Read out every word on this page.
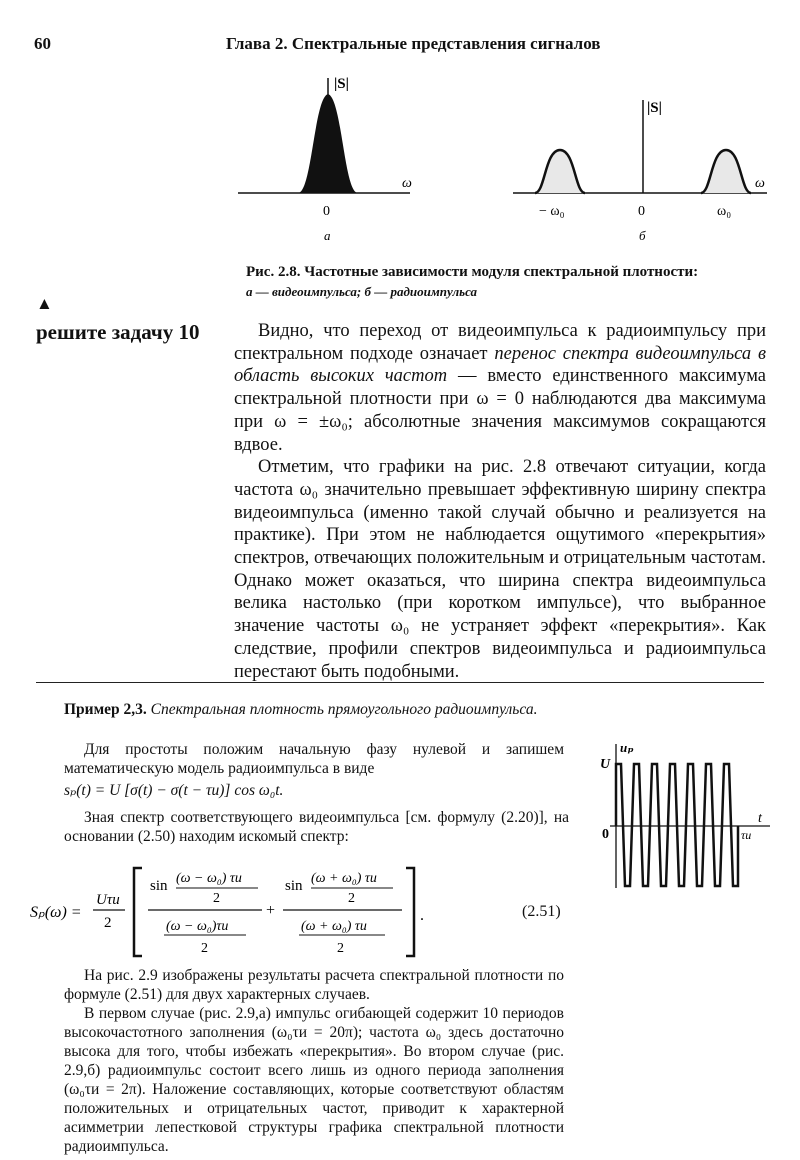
60	Глава 2. Спектральные представления сигналов
|S|
ω
0
а
|S|
ω
− ω₀	0	ω₀
б
Рис. 2.8. Частотные зависимости модуля спектральной плотности:
а — видеоимпульса; б — радиоимпульса
▲
решите задачу 10	Видно, что переход от видеоимпульса к радиоимпульсу при спектральном подходе означает перенос спектра видеоимпульса в область высоких частот — вместо единственного максимума спектральной плотности при ω = 0 наблюдаются два максимума при ω = ±ω₀; абсолютные значения максимумов сокращаются вдвое.

Отметим, что графики на рис. 2.8 отвечают ситуации, когда частота ω₀ значительно превышает эффективную ширину спектра видеоимпульса (именно такой случай обычно и реализуется на практике). При этом не наблюдается ощутимого «перекрытия» спектров, отвечающих положительным и отрицательным частотам. Однако может оказаться, что ширина спектра видеоимпульса велика настолько (при коротком импульсе), что выбранное значение частоты ω₀ не устраняет эффект «перекрытия». Как следствие, профили спектров видеоимпульса и радиоимпульса перестают быть подобными.

Пример 2,3. Спектральная плотность прямоугольного радиоимпульса.

Для простоты положим начальную фазу нулевой и запишем математическую модель радиоимпульса в виде

sₚ(t) = U [σ(t) − σ(t − τи)] cos ω₀t.

Зная спектр соответствующего видеоимпульса [см. формулу (2.20)], на основании (2.50) находим искомый спектр:

Sₚ(ω) =
Uτи
2
sin (ω − ω₀) τи
2
(ω − ω₀)τи
2
+
sin (ω + ω₀) τи
2
(ω + ω₀) τи
2
.	(2.51)

На рис. 2.9 изображены результаты расчета спектральной плотности по формуле (2.51) для двух характерных случаев.

В первом случае (рис. 2.9,а) импульс огибающей содержит 10 периодов высокочастотного заполнения (ω₀τи = 20π); частота ω₀ здесь достаточно высока для того, чтобы избежать «перекрытия». Во втором случае (рис. 2.9,б) радиоимпульс состоит всего лишь из одного периода заполнения (ω₀τи = 2π). Наложение составляющих, которые соответствуют областям положительных и отрицательных частот, приводит к характерной асимметрии лепестковой структуры графика спектральной плотности радиоимпульса.

U
uₚ
0
t
τи
